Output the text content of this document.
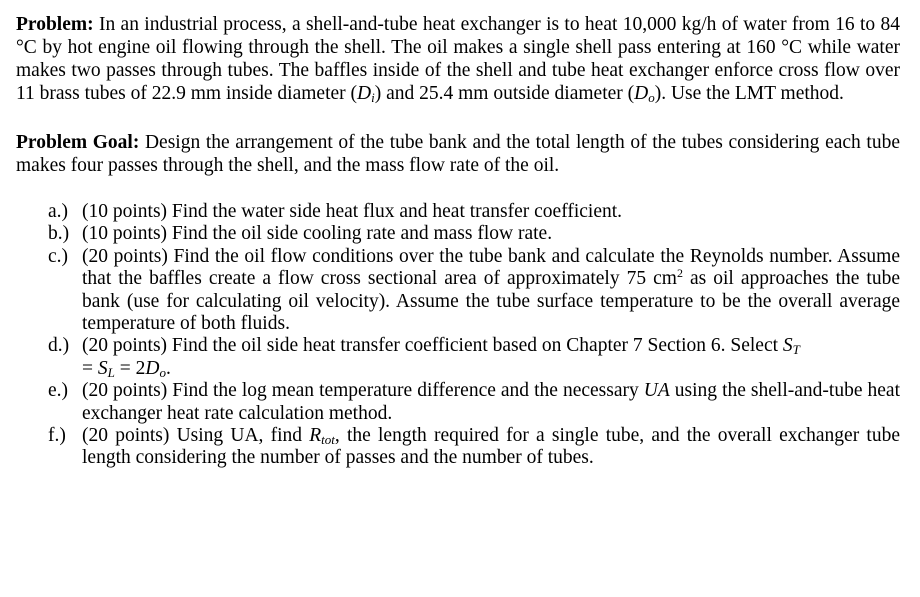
Problem: In an industrial process, a shell-and-tube heat exchanger is to heat 10,000 kg/h of water from 16 to 84 °C by hot engine oil flowing through the shell. The oil makes a single shell pass entering at 160 °C while water makes two passes through tubes. The baffles inside of the shell and tube heat exchanger enforce cross flow over 11 brass tubes of 22.9 mm inside diameter $(D_i)$ and 25.4 mm outside diameter $(D_o)$. Use the LMT method.

Problem Goal: Design the arrangement of the tube bank and the total length of the tubes considering each tube makes four passes through the shell, and the mass flow rate of the oil.

a.) (10 points) Find the water side heat flux and heat transfer coefficient.
b.) (10 points) Find the oil side cooling rate and mass flow rate.
c.) (20 points) Find the oil flow conditions over the tube bank and calculate the Reynolds number. Assume that the baffles create a flow cross sectional area of approximately 75 $cm^2$ as oil approaches the tube bank (use for calculating oil velocity). Assume the tube surface temperature to be the overall average temperature of both fluids.
d.) (20 points) Find the oil side heat transfer coefficient based on Chapter 7 Section 6. Select $S_T$
= $S_L = 2D_o$.
e.) (20 points) Find the log mean temperature difference and the necessary UA using the shell-and-tube heat exchanger heat rate calculation method.
f.) (20 points) Using UA, find $R_{tot}$, the length required for a single tube, and the overall exchanger tube length considering the number of passes and the number of tubes.
